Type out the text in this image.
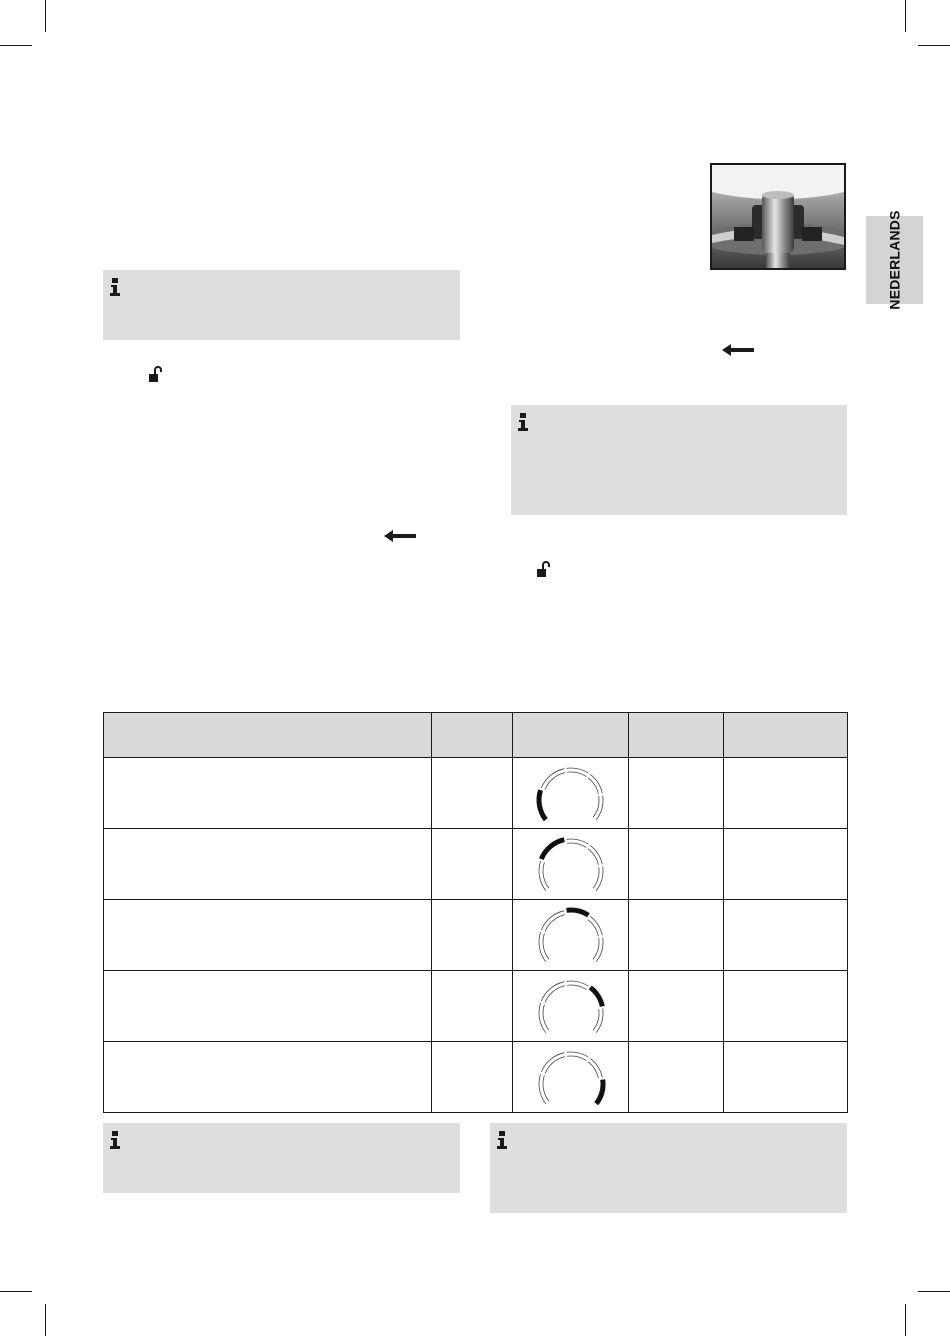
NEDERLANDS
